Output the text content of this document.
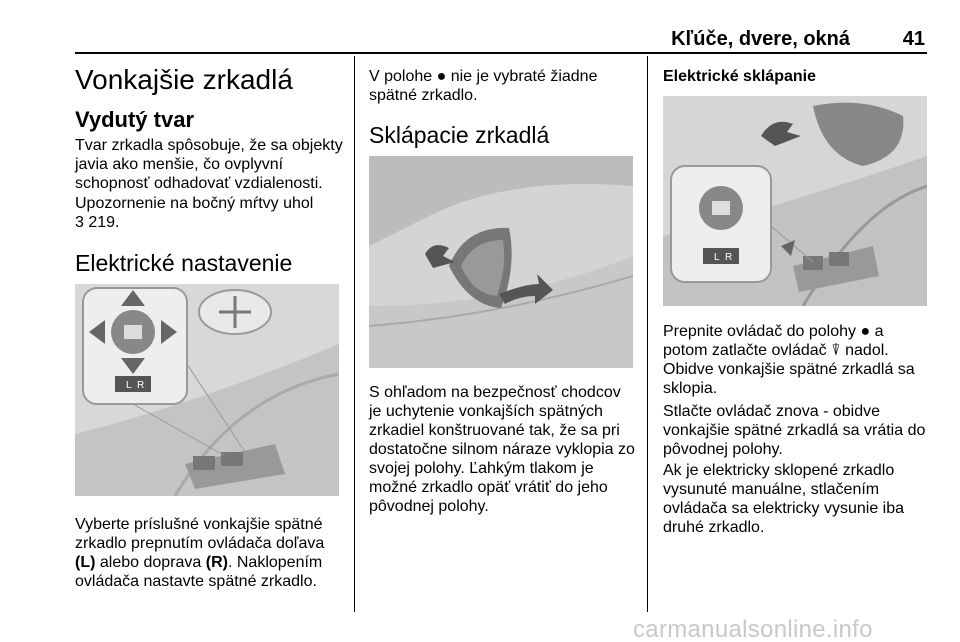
Kľúče, dvere, okná	41
Vonkajšie zrkadlá
Vydutý tvar
Tvar zrkadla spôsobuje, že sa objekty javia ako menšie, čo ovplyvní schopnosť odhadovať vzdialenosti.
Upozornenie na bočný mŕtvy uhol
3 219.
Elektrické nastavenie
L R
Vyberte príslušné vonkajšie spätné zrkadlo prepnutím ovládača doľava (L) alebo doprava (R). Naklopením ovládača nastavte spätné zrkadlo.
V polohe ● nie je vybraté žiadne spätné zrkadlo.
Sklápacie zrkadlá
S ohľadom na bezpečnosť chodcov je uchytenie vonkajších spätných zrkadiel konštruované tak, že sa pri dostatočne silnom náraze vyklopia zo svojej polohy. Ľahkým tlakom je možné zrkadlo opäť vrátiť do jeho pôvodnej polohy.
Elektrické sklápanie
L R
Prepnite ovládač do polohy ● a potom zatlačte ovládač ⍒ nadol. Obidve vonkajšie spätné zrkadlá sa sklopia.
Stlačte ovládač znova - obidve vonkajšie spätné zrkadlá sa vrátia do pôvodnej polohy.
Ak je elektricky sklopené zrkadlo vysunuté manuálne, stlačením ovládača sa elektricky vysunie iba druhé zrkadlo.
carmanualsonline.info
